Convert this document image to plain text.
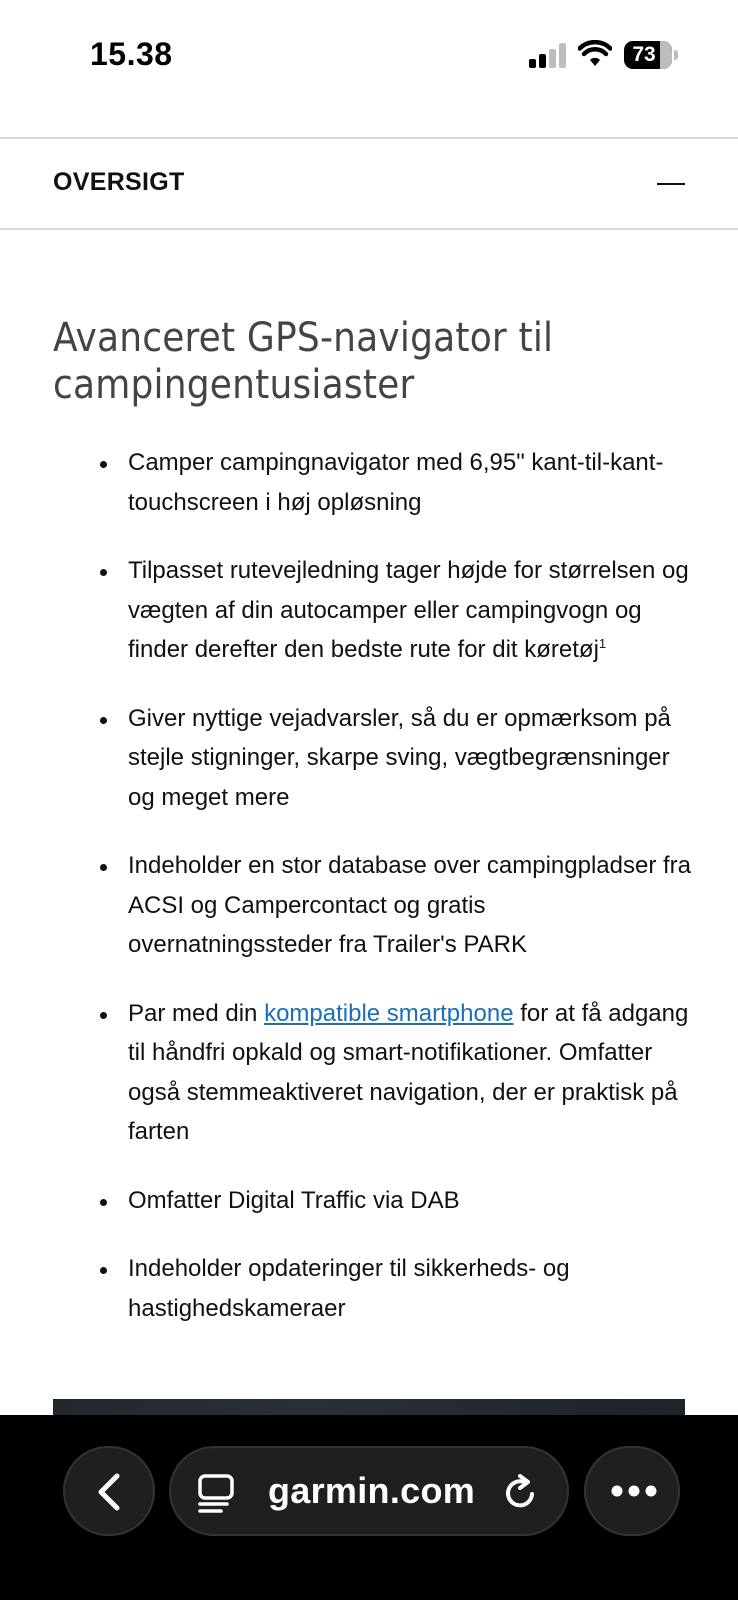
15.38	73
OVERSIGT
Avanceret GPS-navigator til campingentusiaster
Camper campingnavigator med 6,95" kant-til-kant-touchscreen i høj opløsning
Tilpasset rutevejledning tager højde for størrelsen og vægten af din autocamper eller campingvogn og finder derefter den bedste rute for dit køretøj$^1$
Giver nyttige vejadvarsler, så du er opmærksom på stejle stigninger, skarpe sving, vægtbegrænsninger og meget mere
Indeholder en stor database over campingpladser fra ACSI og Campercontact og gratis overnatningssteder fra Trailer's PARK
Par med din kompatible smartphone for at få adgang til håndfri opkald og smart-notifikationer. Omfatter også stemmeaktiveret navigation, der er praktisk på farten
Omfatter Digital Traffic via DAB
Indeholder opdateringer til sikkerheds- og hastighedskameraer
garmin.com
